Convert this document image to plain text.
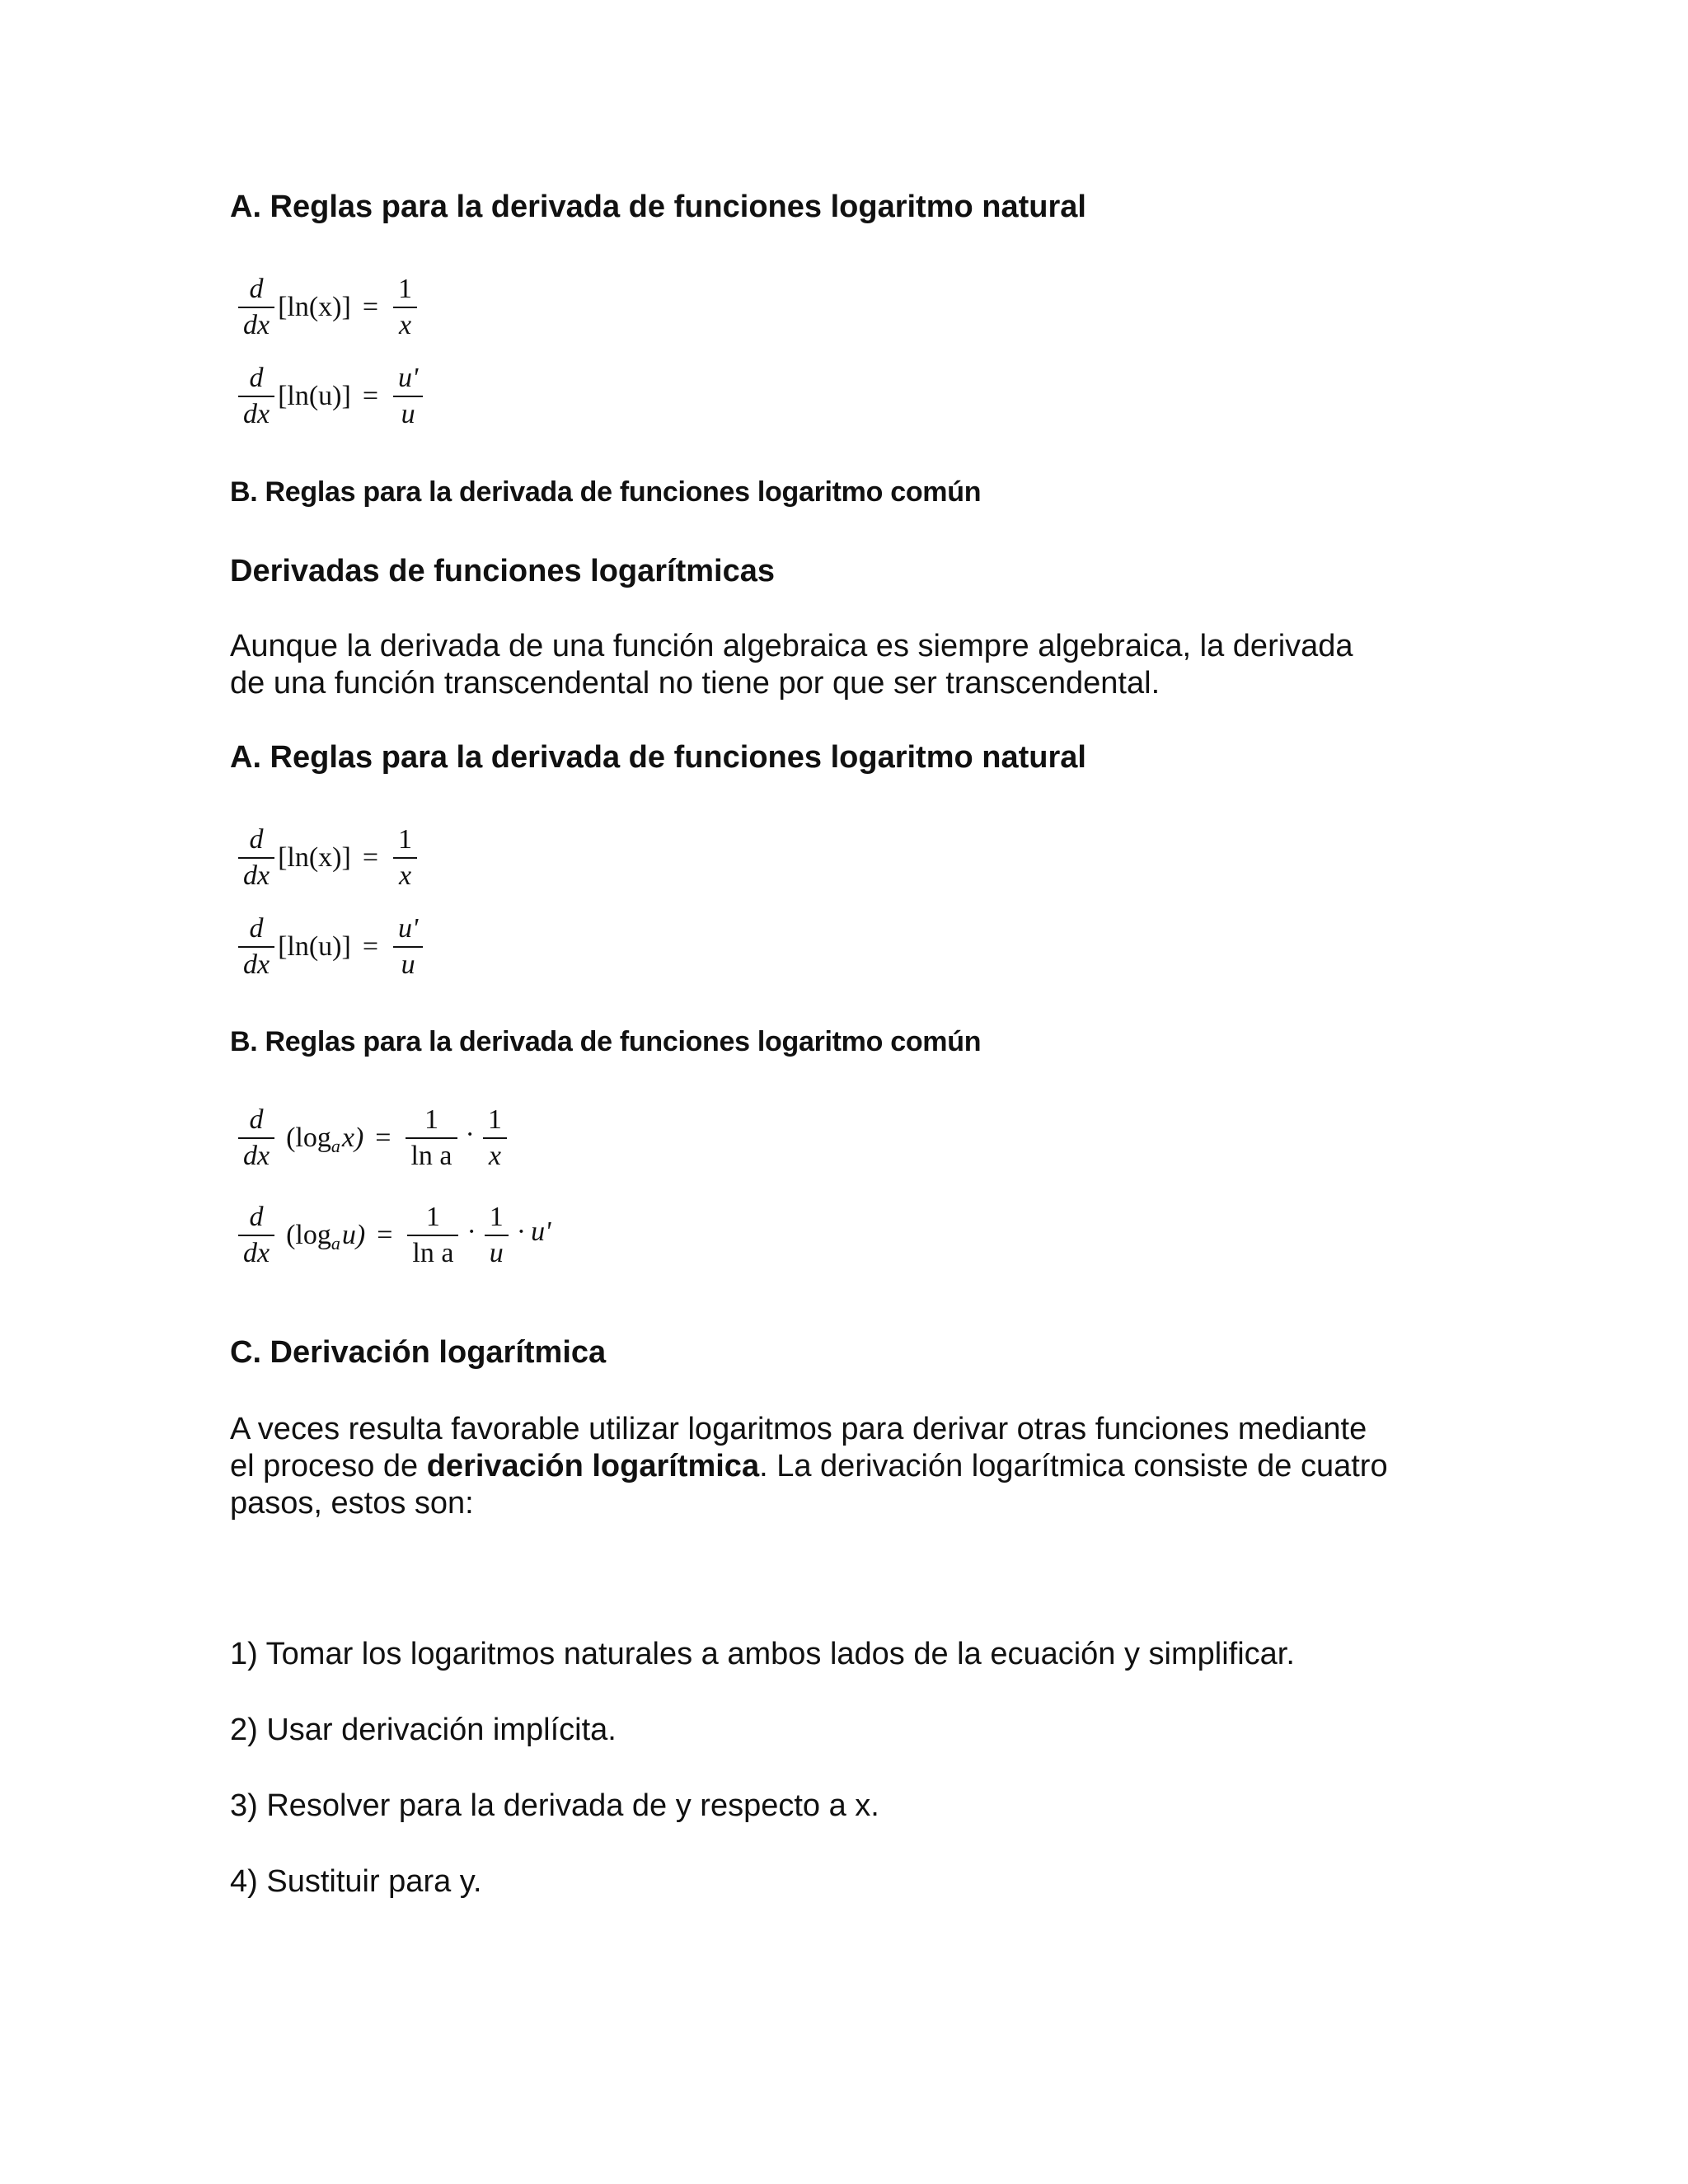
A. Reglas para la derivada de funciones logaritmo natural
$\frac{d}{dx} [\ln(x)] = \frac{1}{x}$
$\frac{d}{dx} [\ln(u)] = \frac{u'}{u}$
B. Reglas para la derivada de funciones logaritmo común
Derivadas de funciones logarítmicas
Aunque la derivada de una función algebraica es siempre algebraica, la derivada
de una función transcendental no tiene por que ser transcendental.
A. Reglas para la derivada de funciones logaritmo natural
$\frac{d}{dx} [\ln(x)] = \frac{1}{x}$
$\frac{d}{dx} [\ln(u)] = \frac{u'}{u}$
B. Reglas para la derivada de funciones logaritmo común
$\frac{d}{dx} (\log$ a $x) = \frac{1}{\text{ln a}} \cdot \frac{1}{x}$
$\frac{d}{dx} (\log$ a $u) = \frac{1}{\text{ln a}} \cdot \frac{1}{u} \cdot u'$
C. Derivación logarítmica
A veces resulta favorable utilizar logaritmos para derivar otras funciones mediante
el proceso de derivación logarítmica. La derivación logarítmica consiste de cuatro
pasos, estos son:
1) Tomar los logaritmos naturales a ambos lados de la ecuación y simplificar.
2) Usar derivación implícita.
3) Resolver para la derivada de y respecto a x.
4) Sustituir para y.
